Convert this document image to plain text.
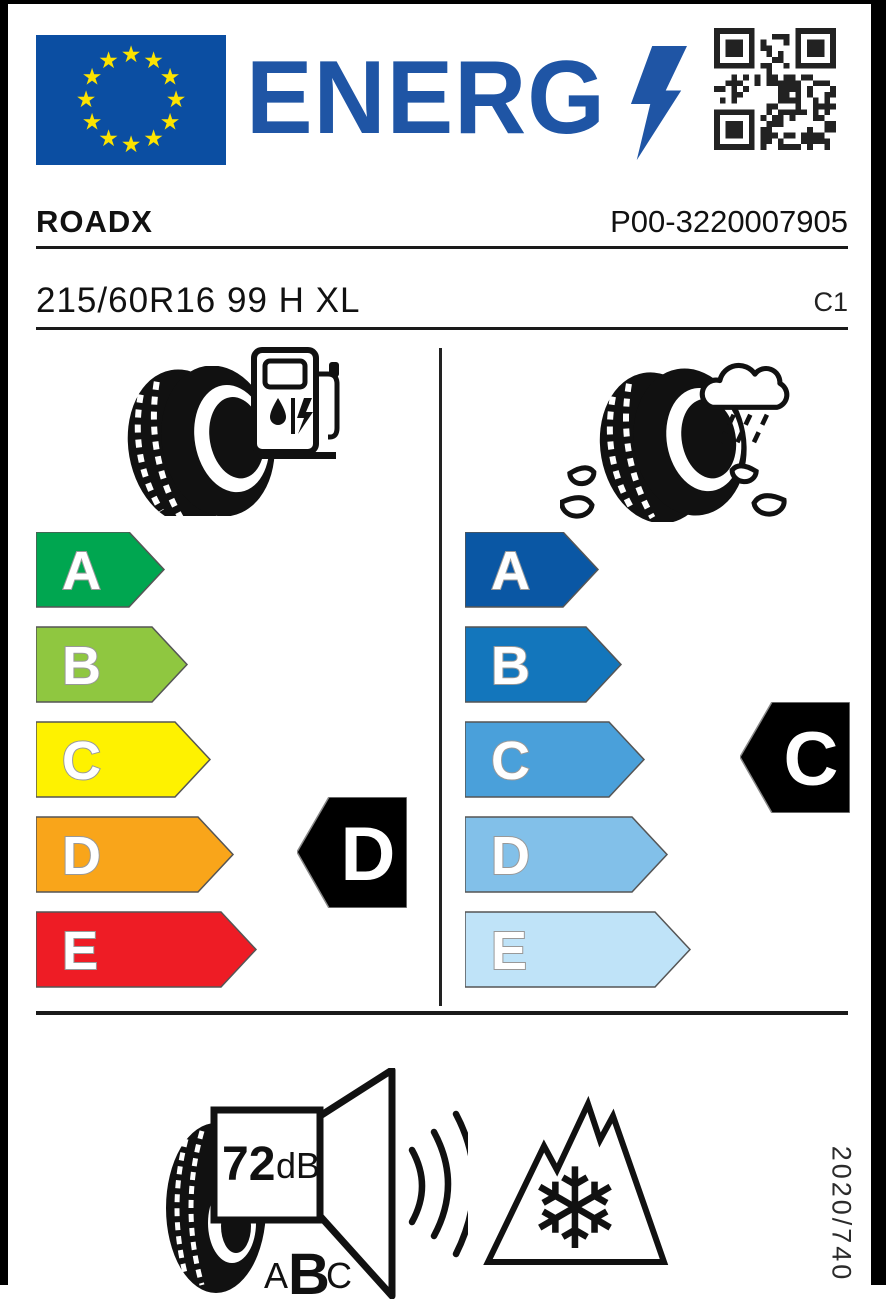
★ ★
★
★
★
★
★
★
★
★
★
★ ENERG
ROADX	P00-3220007905
215/60R16 99 H XL	C1
A
B
C
D
E
D
A
B
C
D
E
C
72 dB
A B
C
❄	2020/740
